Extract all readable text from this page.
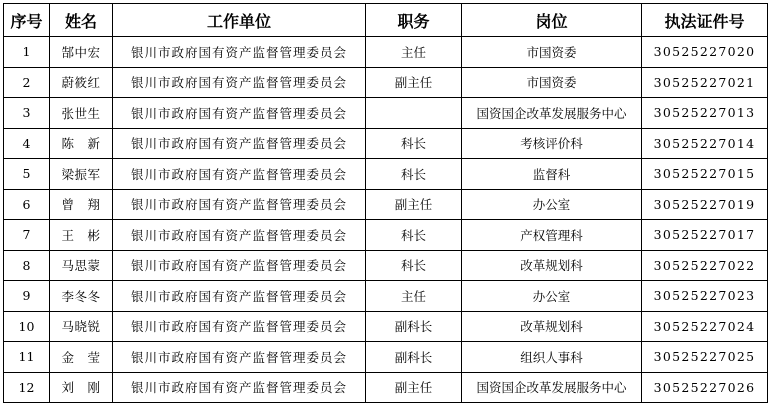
序号	姓名	工作单位	职务	岗位	执法证件号
1	郜中宏	银川市政府国有资产监督管理委员会	主任	市国资委	30525227020
2	蔚筱红	银川市政府国有资产监督管理委员会	副主任	市国资委	30525227021
3	张世生	银川市政府国有资产监督管理委员会		国资国企改革发展服务中心	30525227013
4	陈　新	银川市政府国有资产监督管理委员会	科长	考核评价科	30525227014
5	梁振军	银川市政府国有资产监督管理委员会	科长	监督科	30525227015
6	曾　翔	银川市政府国有资产监督管理委员会	副主任	办公室	30525227019
7	王　彬	银川市政府国有资产监督管理委员会	科长	产权管理科	30525227017
8	马思蒙	银川市政府国有资产监督管理委员会	科长	改革规划科	30525227022
9	李冬冬	银川市政府国有资产监督管理委员会	主任	办公室	30525227023
10	马晓锐	银川市政府国有资产监督管理委员会	副科长	改革规划科	30525227024
11	金　莹	银川市政府国有资产监督管理委员会	副科长	组织人事科	30525227025
12	刘　刚	银川市政府国有资产监督管理委员会	副主任	国资国企改革发展服务中心	30525227026
